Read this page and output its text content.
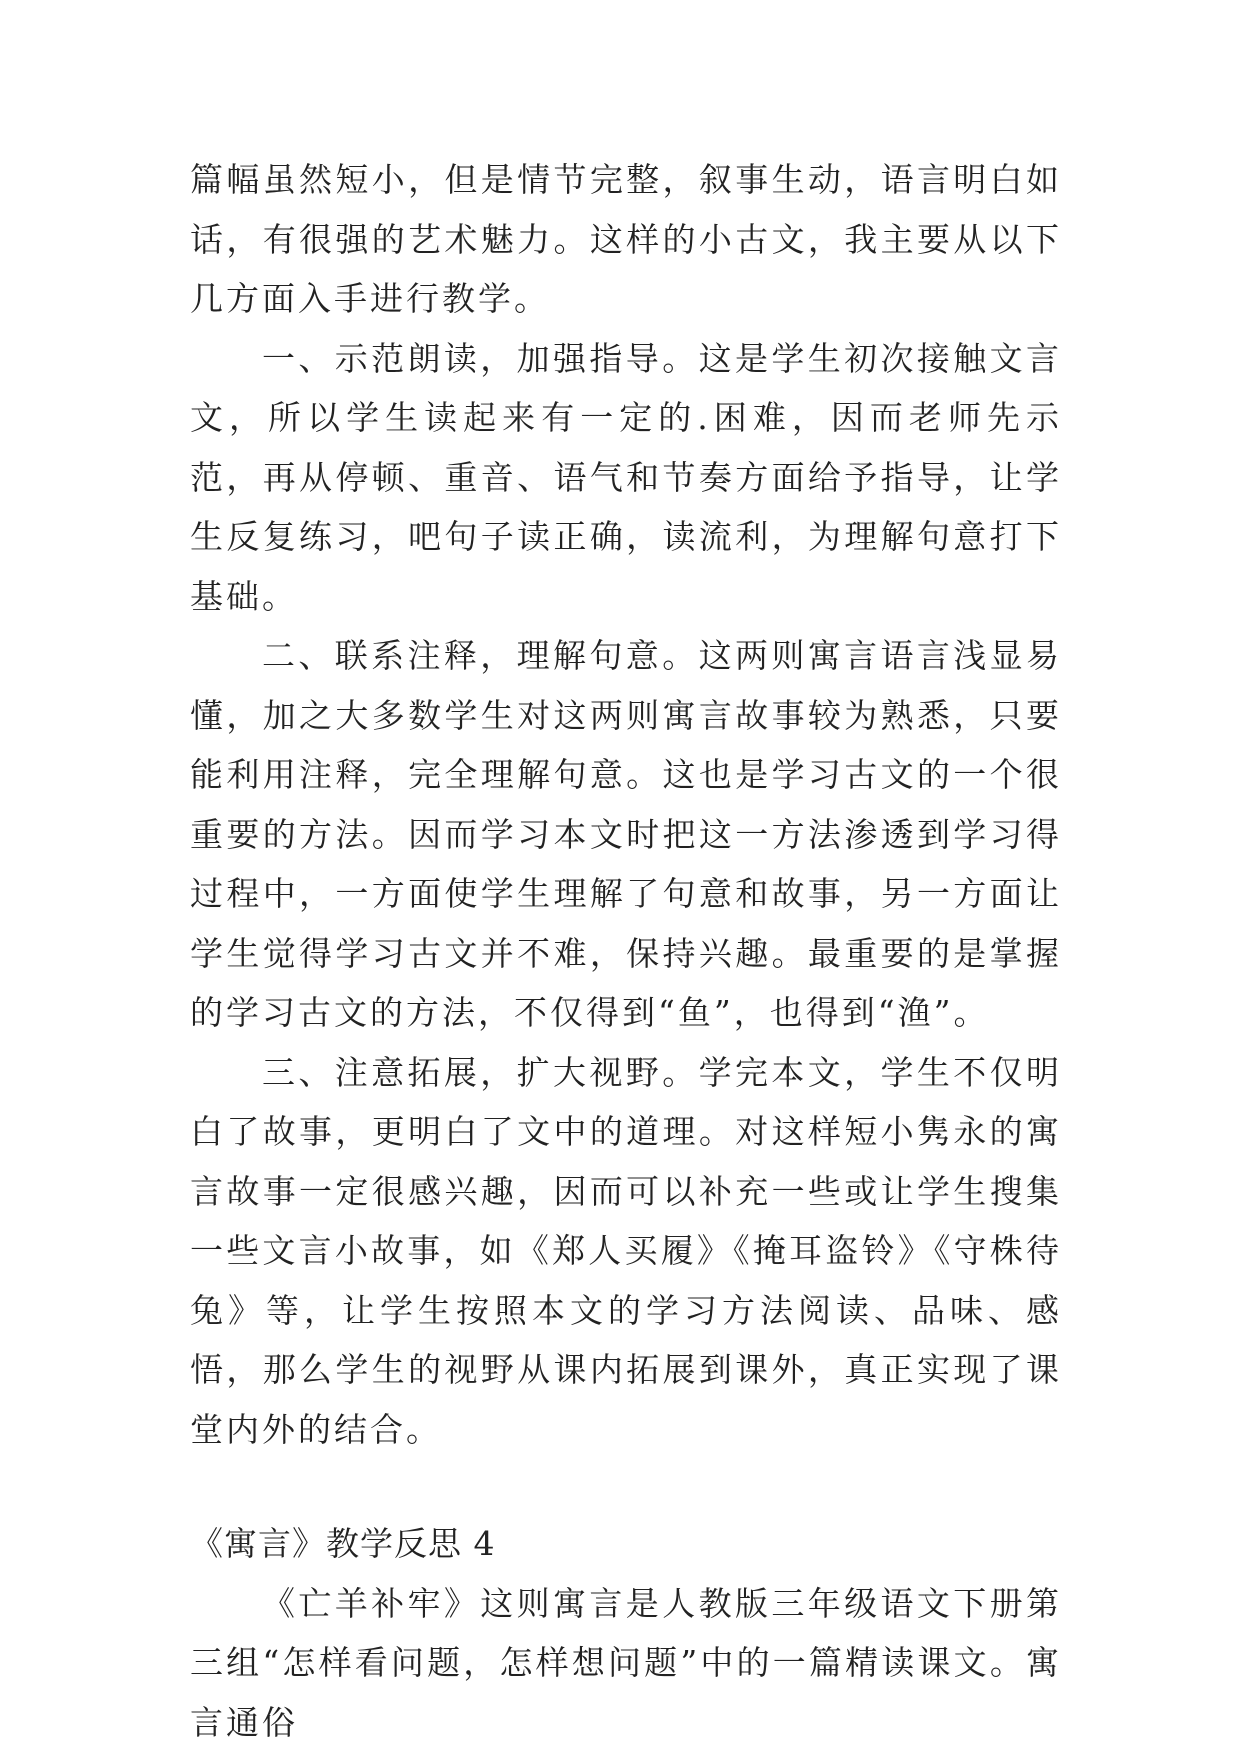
篇幅虽然短小，但是情节完整，叙事生动，语言明白如话，有很强的艺术魅力。这样的小古文，我主要从以下几方面入手进行教学。

一、示范朗读，加强指导。这是学生初次接触文言文，所以学生读起来有一定的.困难，因而老师先示范，再从停顿、重音、语气和节奏方面给予指导，让学生反复练习，吧句子读正确，读流利，为理解句意打下基础。

二、联系注释，理解句意。这两则寓言语言浅显易懂，加之大多数学生对这两则寓言故事较为熟悉，只要能利用注释，完全理解句意。这也是学习古文的一个很重要的方法。因而学习本文时把这一方法渗透到学习得过程中，一方面使学生理解了句意和故事，另一方面让学生觉得学习古文并不难，保持兴趣。最重要的是掌握的学习古文的方法，不仅得到“鱼”，也得到“渔”。

三、注意拓展，扩大视野。学完本文，学生不仅明白了故事，更明白了文中的道理。对这样短小隽永的寓言故事一定很感兴趣，因而可以补充一些或让学生搜集一些文言小故事，如《郑人买履》《掩耳盗铃》《守株待兔》等，让学生按照本文的学习方法阅读、品味、感悟，那么学生的视野从课内拓展到课外，真正实现了课堂内外的结合。

《寓言》教学反思 4

《亡羊补牢》这则寓言是人教版三年级语文下册第三组“怎样看问题，怎样想问题”中的一篇精读课文。寓言通俗
